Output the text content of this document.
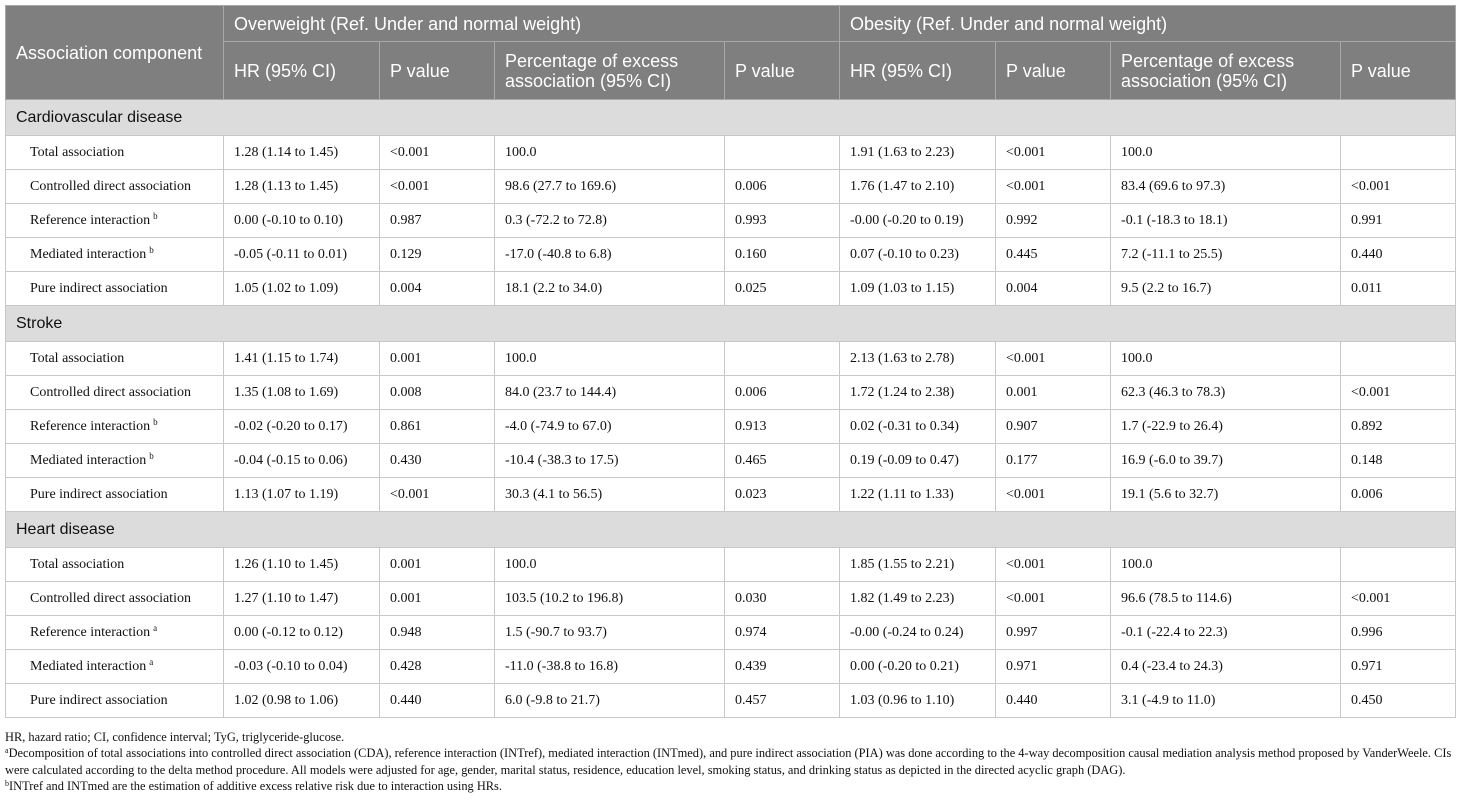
Association component	Overweight (Ref. Under and normal weight)				Obesity (Ref. Under and normal weight)			
	HR (95% CI)	P value	Percentage of excess association (95% CI)	P value	HR (95% CI)	P value	Percentage of excess association (95% CI)	P value
Cardiovascular disease								
Total association	1.28 (1.14 to 1.45)	<0.001	100.0		1.91 (1.63 to 2.23)	<0.001	100.0	
Controlled direct association	1.28 (1.13 to 1.45)	<0.001	98.6 (27.7 to 169.6)	0.006	1.76 (1.47 to 2.10)	<0.001	83.4 (69.6 to 97.3)	<0.001
Reference interaction $^b$	0.00 (-0.10 to 0.10)	0.987	0.3 (-72.2 to 72.8)	0.993	-0.00 (-0.20 to 0.19)	0.992	-0.1 (-18.3 to 18.1)	0.991
Mediated interaction $^b$	-0.05 (-0.11 to 0.01)	0.129	-17.0 (-40.8 to 6.8)	0.160	0.07 (-0.10 to 0.23)	0.445	7.2 (-11.1 to 25.5)	0.440
Pure indirect association	1.05 (1.02 to 1.09)	0.004	18.1 (2.2 to 34.0)	0.025	1.09 (1.03 to 1.15)	0.004	9.5 (2.2 to 16.7)	0.011
Stroke								
Total association	1.41 (1.15 to 1.74)	0.001	100.0		2.13 (1.63 to 2.78)	<0.001	100.0	
Controlled direct association	1.35 (1.08 to 1.69)	0.008	84.0 (23.7 to 144.4)	0.006	1.72 (1.24 to 2.38)	0.001	62.3 (46.3 to 78.3)	<0.001
Reference interaction $^b$	-0.02 (-0.20 to 0.17)	0.861	-4.0 (-74.9 to 67.0)	0.913	0.02 (-0.31 to 0.34)	0.907	1.7 (-22.9 to 26.4)	0.892
Mediated interaction $^b$	-0.04 (-0.15 to 0.06)	0.430	-10.4 (-38.3 to 17.5)	0.465	0.19 (-0.09 to 0.47)	0.177	16.9 (-6.0 to 39.7)	0.148
Pure indirect association	1.13 (1.07 to 1.19)	<0.001	30.3 (4.1 to 56.5)	0.023	1.22 (1.11 to 1.33)	<0.001	19.1 (5.6 to 32.7)	0.006
Heart disease								
Total association	1.26 (1.10 to 1.45)	0.001	100.0		1.85 (1.55 to 2.21)	<0.001	100.0	
Controlled direct association	1.27 (1.10 to 1.47)	0.001	103.5 (10.2 to 196.8)	0.030	1.82 (1.49 to 2.23)	<0.001	96.6 (78.5 to 114.6)	<0.001
Reference interaction $^a$	0.00 (-0.12 to 0.12)	0.948	1.5 (-90.7 to 93.7)	0.974	-0.00 (-0.24 to 0.24)	0.997	-0.1 (-22.4 to 22.3)	0.996
Mediated interaction $^a$	-0.03 (-0.10 to 0.04)	0.428	-11.0 (-38.8 to 16.8)	0.439	0.00 (-0.20 to 0.21)	0.971	0.4 (-23.4 to 24.3)	0.971
Pure indirect association	1.02 (0.98 to 1.06)	0.440	6.0 (-9.8 to 21.7)	0.457	1.03 (0.96 to 1.10)	0.440	3.1 (-4.9 to 11.0)	0.450

HR, hazard ratio; CI, confidence interval; TyG, triglyceride-glucose.

$^a$Decomposition of total associations into controlled direct association (CDA), reference interaction (INTref), mediated interaction (INTmed), and pure indirect association (PIA) was done according to the 4-way decomposition causal mediation analysis method proposed by VanderWeele. CIs were calculated according to the delta method procedure. All models were adjusted for age, gender, marital status, residence, education level, smoking status, and drinking status as depicted in the directed acyclic graph (DAG).

$^b$INTref and INTmed are the estimation of additive excess relative risk due to interaction using HRs.
